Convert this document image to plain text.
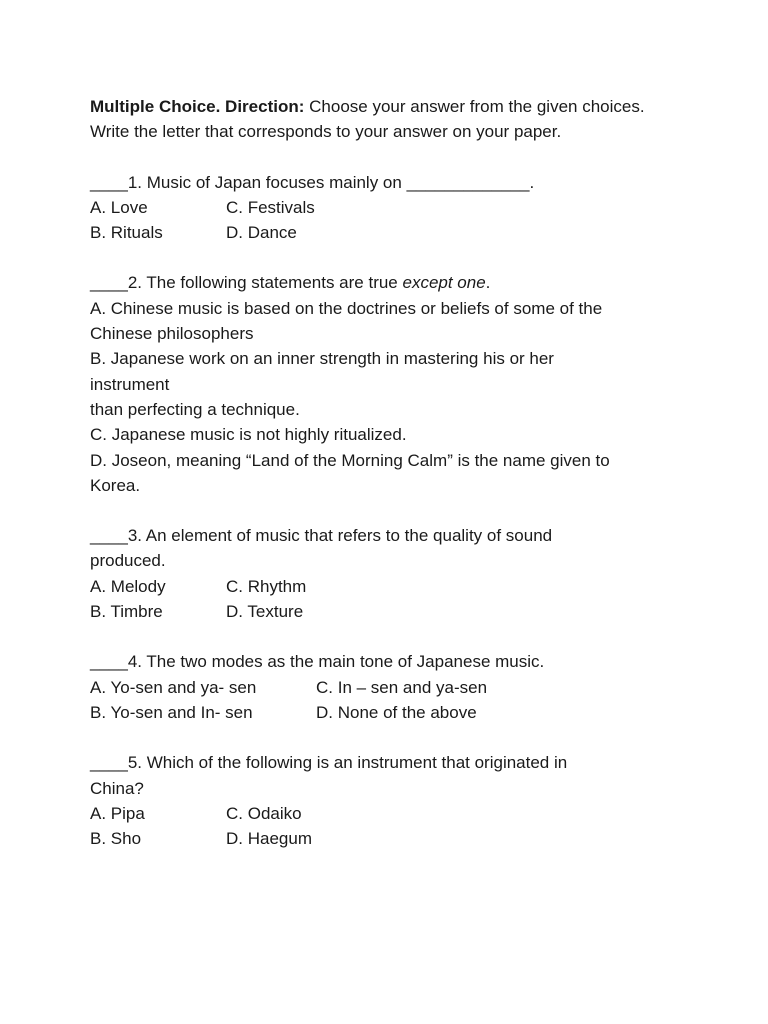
Multiple Choice. Direction: Choose your answer from the given choices.

Write the letter that corresponds to your answer on your paper.

____1. Music of Japan focuses mainly on _____________.
A. Love	C. Festivals
B. Rituals	D. Dance
____2. The following statements are true except one.
A. Chinese music is based on the doctrines or beliefs of some of the
Chinese philosophers
B. Japanese work on an inner strength in mastering his or her
instrument
than perfecting a technique.
C. Japanese music is not highly ritualized.
D. Joseon, meaning “Land of the Morning Calm” is the name given to
Korea.
____3. An element of music that refers to the quality of sound
produced.
A. Melody	C. Rhythm
B. Timbre	D. Texture
____4. The two modes as the main tone of Japanese music.
A. Yo-sen and ya- sen	C. In – sen and ya-sen
B. Yo-sen and In- sen	D. None of the above
____5. Which of the following is an instrument that originated in
China?
A. Pipa	C. Odaiko
B. Sho	D. Haegum
